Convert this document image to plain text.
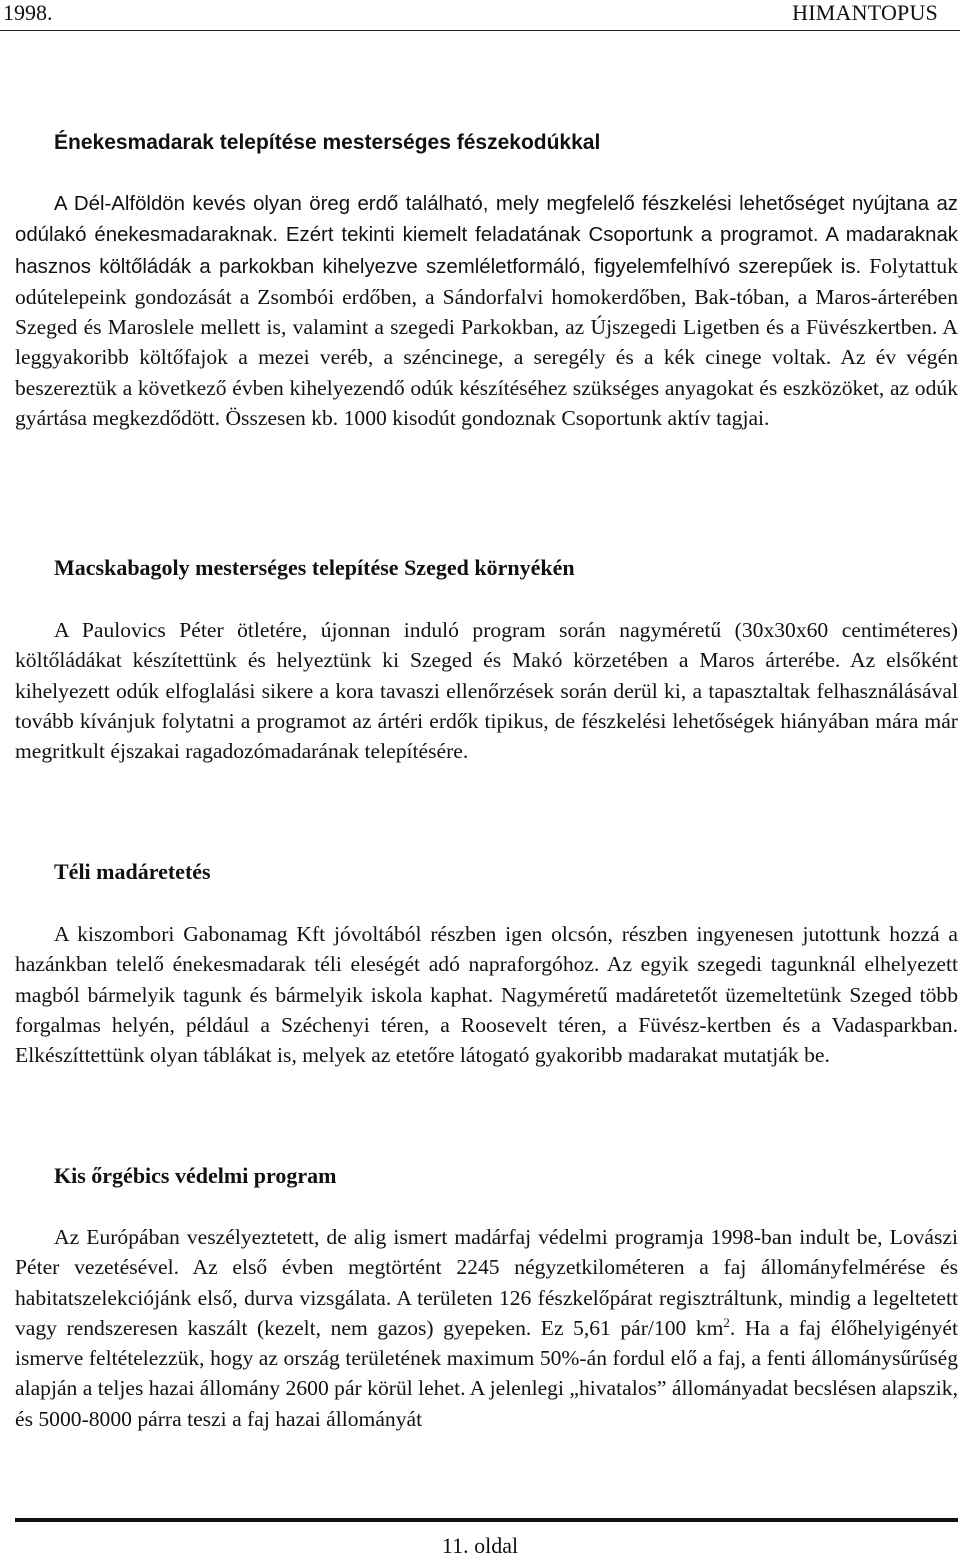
1998.	HIMANTOPUS
Énekesmadarak telepítése mesterséges fészekodúkkal

A Dél-Alföldön kevés olyan öreg erdő található, mely megfelelő fészkelési lehetőséget nyújtana az odúlakó énekesmadaraknak. Ezért tekinti kiemelt feladatának Csoportunk a programot. A madaraknak hasznos költőládák a parkokban kihelyezve szemléletformáló, figyelemfelhívó szerepűek is. Folytattuk odútelepeink gondozását a Zsombói erdőben, a Sándorfalvi homokerdőben, Bak-tóban, a Maros-árterében Szeged és Maroslele mellett is, valamint a szegedi Parkokban, az Újszegedi Ligetben és a Füvészkertben. A leggyakoribb költőfajok a mezei veréb, a széncinege, a seregély és a kék cinege voltak. Az év végén beszereztük a következő évben kihelyezendő odúk készítéséhez szükséges anyagokat és eszközöket, az odúk gyártása megkezdődött. Összesen kb. 1000 kisodút gondoznak Csoportunk aktív tagjai.

Macskabagoly mesterséges telepítése Szeged környékén

A Paulovics Péter ötletére, újonnan induló program során nagyméretű (30x30x60 centiméteres) költőládákat készítettünk és helyeztünk ki Szeged és Makó körzetében a Maros árterébe. Az elsőként kihelyezett odúk elfoglalási sikere a kora tavaszi ellenőrzések során derül ki, a tapasztaltak felhasználásával tovább kívánjuk folytatni a programot az ártéri erdők tipikus, de fészkelési lehetőségek hiányában mára már megritkult éjszakai ragadozómadarának telepítésére.

Téli madáretetés

A kiszombori Gabonamag Kft jóvoltából részben igen olcsón, részben ingyenesen jutottunk hozzá a hazánkban telelő énekesmadarak téli eleségét adó napraforgóhoz. Az egyik szegedi tagunknál elhelyezett magból bármelyik tagunk és bármelyik iskola kaphat. Nagyméretű madáretetőt üzemeltetünk Szeged több forgalmas helyén, például a Széchenyi téren, a Roosevelt téren, a Füvész-kertben és a Vadasparkban. Elkészíttettünk olyan táblákat is, melyek az etetőre látogató gyakoribb madarakat mutatják be.

Kis őrgébics védelmi program

Az Európában veszélyeztetett, de alig ismert madárfaj védelmi programja 1998-ban indult be, Lovászi Péter vezetésével. Az első évben megtörtént 2245 négyzetkilométeren a faj állományfelmérése és habitatszelekciójánk első, durva vizsgálata. A területen 126 fészkelőpárat regisztráltunk, mindig a legeltetett vagy rendszeresen kaszált (kezelt, nem gazos) gyepeken. Ez 5,61 pár/100 $km^2$. Ha a faj élőhelyigényét ismerve feltételezzük, hogy az ország területének maximum 50%-án fordul elő a faj, a fenti állománysűrűség alapján a teljes hazai állomány 2600 pár körül lehet. A jelenlegi „hivatalos” állományadat becslésen alapszik, és 5000-8000 párra teszi a faj hazai állományát

11. oldal
